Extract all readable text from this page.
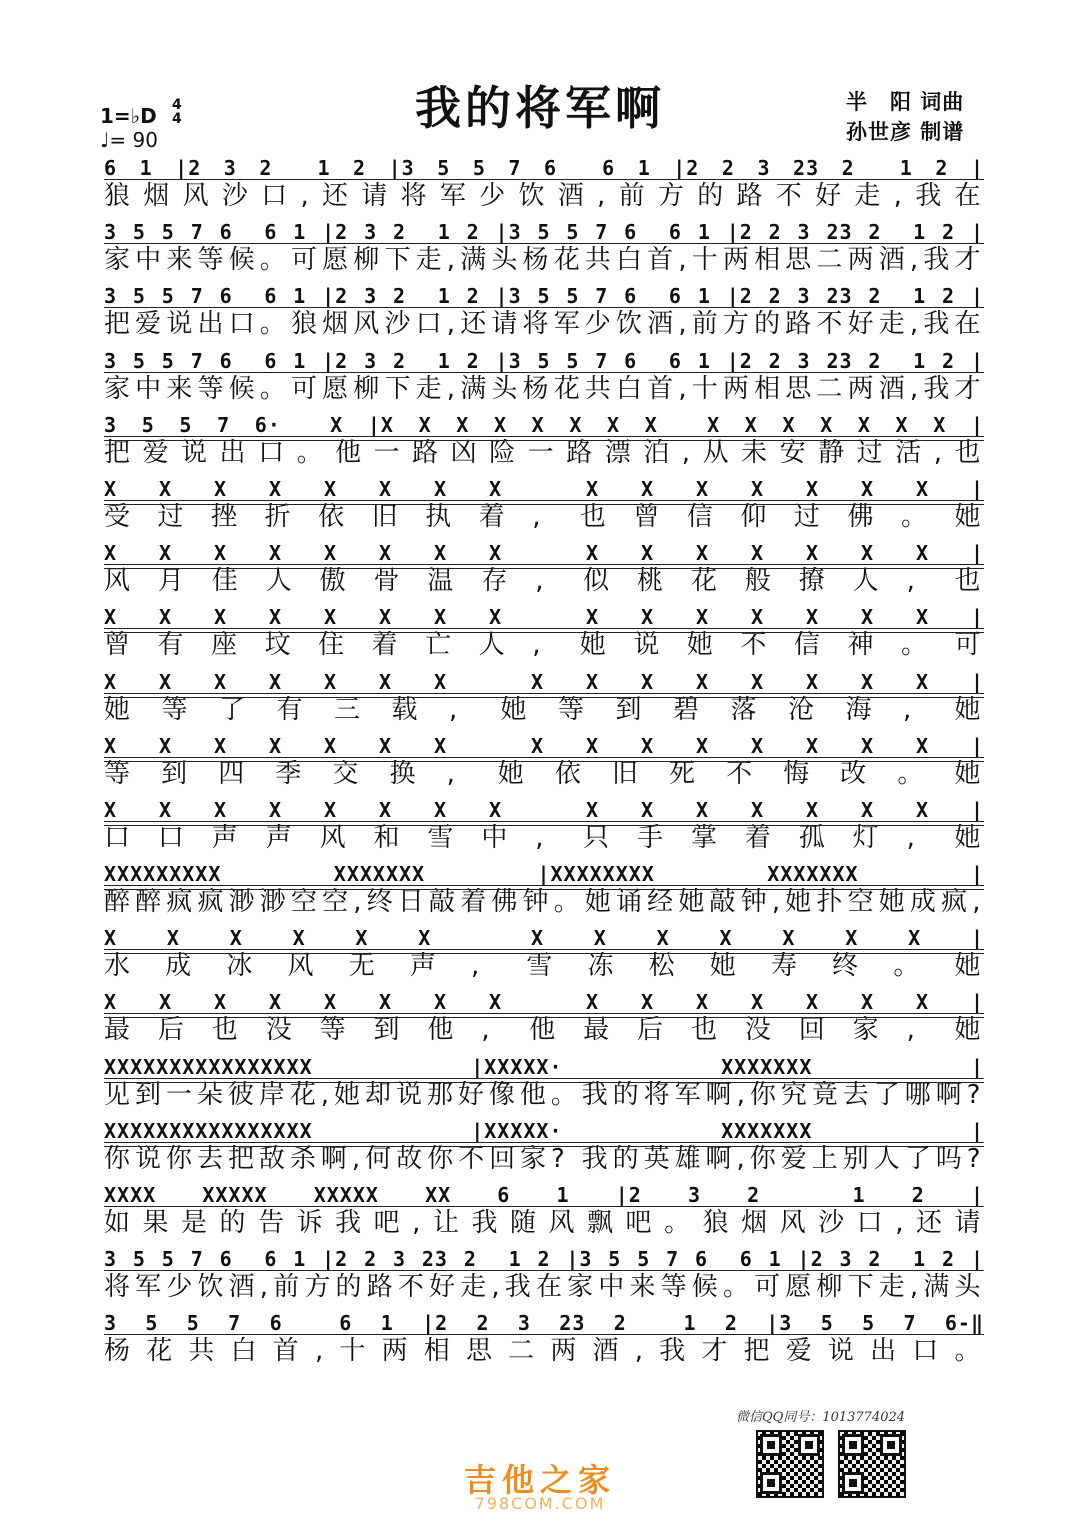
我的将军啊	半　阳 词曲
孙世彦 制谱
1=♭D 4
4
♩= 90
6 1 |2 3 2  1 2 |3 5 5 7 6  6 1 |2 2 3 23 2  1 2 |
狼烟风沙口,还请将军少饮酒,前方的路不好走,我在
3 5 5 7 6  6 1 |2 3 2  1 2 |3 5 5 7 6  6 1 |2 2 3 23 2  1 2 |
家中来等候。可愿柳下走,满头杨花共白首,十两相思二两酒,我才
3 5 5 7 6  6 1 |2 3 2  1 2 |3 5 5 7 6  6 1 |2 2 3 23 2  1 2 |
把爱说出口。狼烟风沙口,还请将军少饮酒,前方的路不好走,我在
3 5 5 7 6  6 1 |2 3 2  1 2 |3 5 5 7 6  6 1 |2 2 3 23 2  1 2 |
家中来等候。可愿柳下走,满头杨花共白首,十两相思二两酒,我才
3 5 5 7 6·  X |X X X X X X X X  X X X X X X X |
把爱说出口。他一路凶险一路漂泊,从未安静过活,也
X X X X X X X X  X X X X X X X |
受过挫折依旧执着, 也曾信仰过佛。她
X X X X X X X X  X X X X X X X |
风月佳人傲骨温存, 似桃花般撩人, 也
X X X X X X X X  X X X X X X X |
曾有座坟住着亡人, 她说她不信神。可
X X X X X X X  X X X X X X X X |
她等了有三载, 她等到碧落沧海, 她
X X X X X X X  X X X X X X X X |
等到四季交换, 她依旧死不悔改。她
X X X X X X X X  X X X X X X X |
口口声声风和雪中, 只手掌着孤灯, 她
XXXXXXXXX XXXXXXX |XXXXXXXX XXXXXXX |
醉醉疯疯渺渺空空,终日敲着佛钟。她诵经她敲钟,她扑空她成疯,
X X X X X X  X X X X X X X |
水成冰风无声, 雪冻松她寿终。她
X X X X X X X X  X X X X X X X |
最后也没等到他, 他最后也没回家, 她
XXXXXXXXXXXXXXXX |XXXXX· XXXXXXX |
见到一朵彼岸花,她却说那好像他。我的将军啊,你究竟去了哪啊?
XXXXXXXXXXXXXXXX |XXXXX· XXXXXXX |
你说你去把敌杀啊,何故你不回家? 我的英雄啊,你爱上别人了吗?
XXXX XXXXX XXXXX XX 6 1 |2 3 2  1 2 |
如果是的告诉我吧,让我随风飘吧。狼烟风沙口,还请
3 5 5 7 6  6 1 |2 2 3 23 2  1 2 |3 5 5 7 6  6 1 |2 3 2  1 2 |
将军少饮酒,前方的路不好走,我在家中来等候。可愿柳下走,满头
3 5 5 7 6  6 1 |2 2 3 23 2  1 2 |3 5 5 7 6-‖
杨花共白首,十两相思二两酒,我才把爱说出口。
微信QQ同号：1013774024
吉他之家
798COM.COM
